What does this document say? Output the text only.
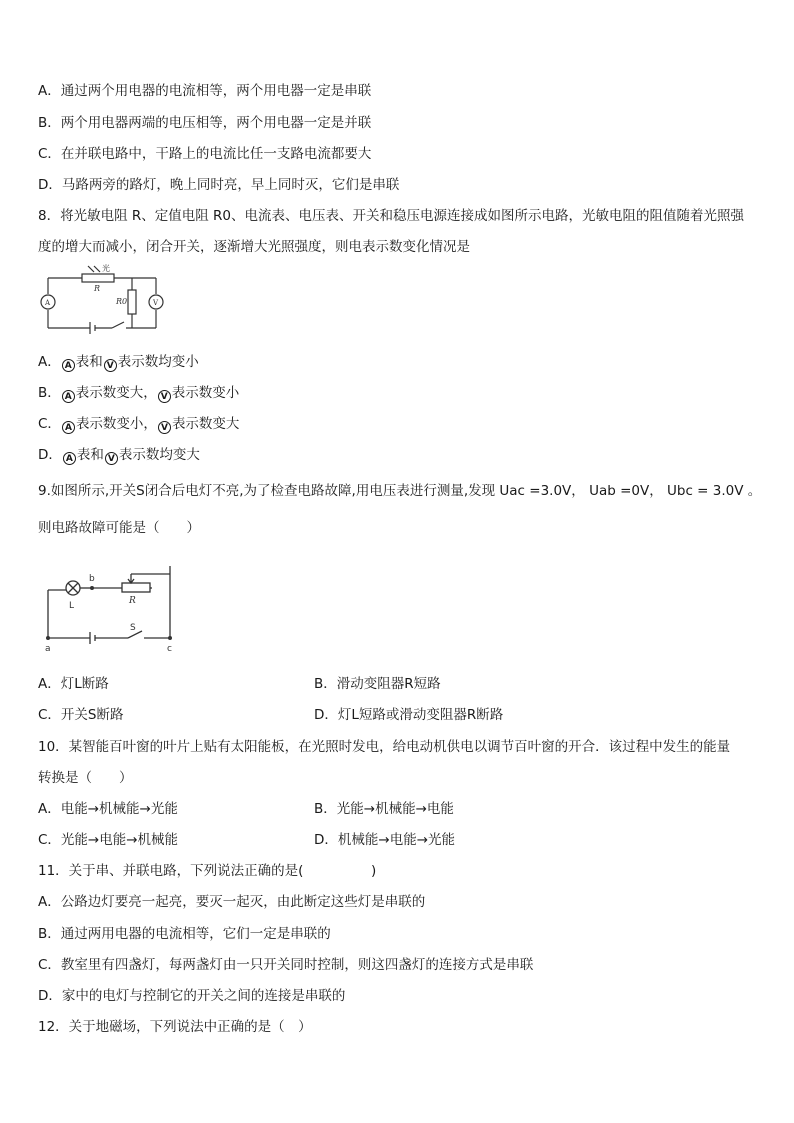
A．通过两个用电器的电流相等，两个用电器一定是串联
B．两个用电器两端的电压相等，两个用电器一定是并联
C．在并联电路中，干路上的电流比任一支路电流都要大
D．马路两旁的路灯，晚上同时亮，早上同时灭，它们是串联
8．将光敏电阻 R、定值电阻 R0、电流表、电压表、开关和稳压电源连接成如图所示电路，光敏电阻的阻值随着光照强
度的增大而减小，闭合开关，逐渐增大光照强度，则电表示数变化情况是
光
R
R0
A	V
A． A 表和 V 表示数均变小
B． A 表示数变大， V 表示数变小
C． A 表示数变小， V 表示数变大
D． A 表和 V 表示数均变大
9.如图所示,开关S闭合后电灯不亮,为了检查电路故障,用电压表进行测量,发现 Uac =3.0V， Uab =0V， Ubc = 3.0V 。
则电路故障可能是（　　）
b
L	R
S
a	c
A．灯L断路	B．滑动变阻器R短路
C．开关S断路	D．灯L短路或滑动变阻器R断路
10．某智能百叶窗的叶片上贴有太阳能板，在光照时发电，给电动机供电以调节百叶窗的开合．该过程中发生的能量
转换是（　　）
A．电能→机械能→光能	B．光能→机械能→电能
C．光能→电能→机械能	D．机械能→电能→光能
11．关于串、并联电路，下列说法正确的是(　　　　　)
A．公路边灯要亮一起亮，要灭一起灭，由此断定这些灯是串联的
B．通过两用电器的电流相等，它们一定是串联的
C．教室里有四盏灯，每两盏灯由一只开关同时控制，则这四盏灯的连接方式是串联
D．家中的电灯与控制它的开关之间的连接是串联的
12．关于地磁场，下列说法中正确的是（　）
